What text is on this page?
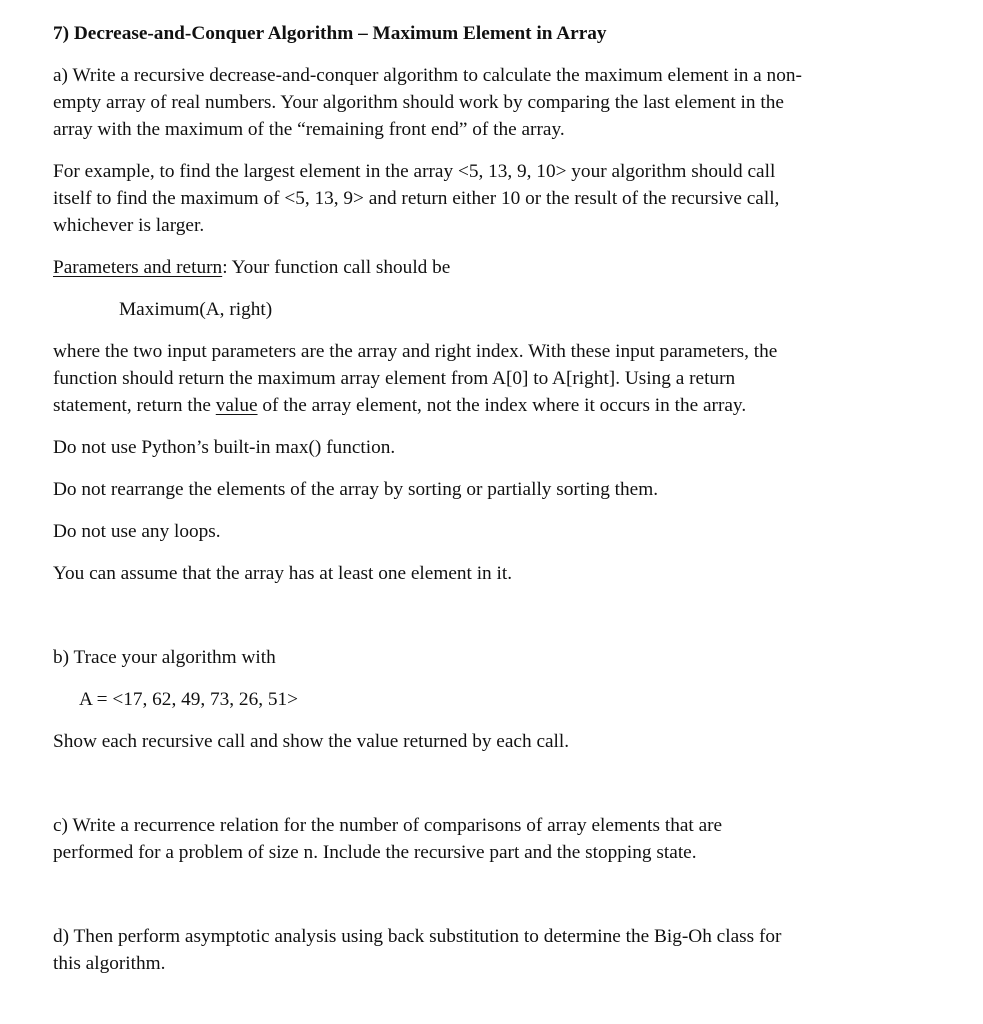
7) Decrease-and-Conquer Algorithm – Maximum Element in Array
a) Write a recursive decrease-and-conquer algorithm to calculate the maximum element in a non-
empty array of real numbers. Your algorithm should work by comparing the last element in the
array with the maximum of the “remaining front end” of the array.
For example, to find the largest element in the array <5, 13, 9, 10> your algorithm should call
itself to find the maximum of <5, 13, 9> and return either 10 or the result of the recursive call,
whichever is larger.
Parameters and return: Your function call should be
Maximum(A, right)
where the two input parameters are the array and right index. With these input parameters, the
function should return the maximum array element from A[0] to A[right]. Using a return
statement, return the value of the array element, not the index where it occurs in the array.
Do not use Python’s built-in max() function.
Do not rearrange the elements of the array by sorting or partially sorting them.
Do not use any loops.
You can assume that the array has at least one element in it.
b) Trace your algorithm with
A = <17, 62, 49, 73, 26, 51>
Show each recursive call and show the value returned by each call.
c) Write a recurrence relation for the number of comparisons of array elements that are
performed for a problem of size n. Include the recursive part and the stopping state.
d) Then perform asymptotic analysis using back substitution to determine the Big-Oh class for
this algorithm.
